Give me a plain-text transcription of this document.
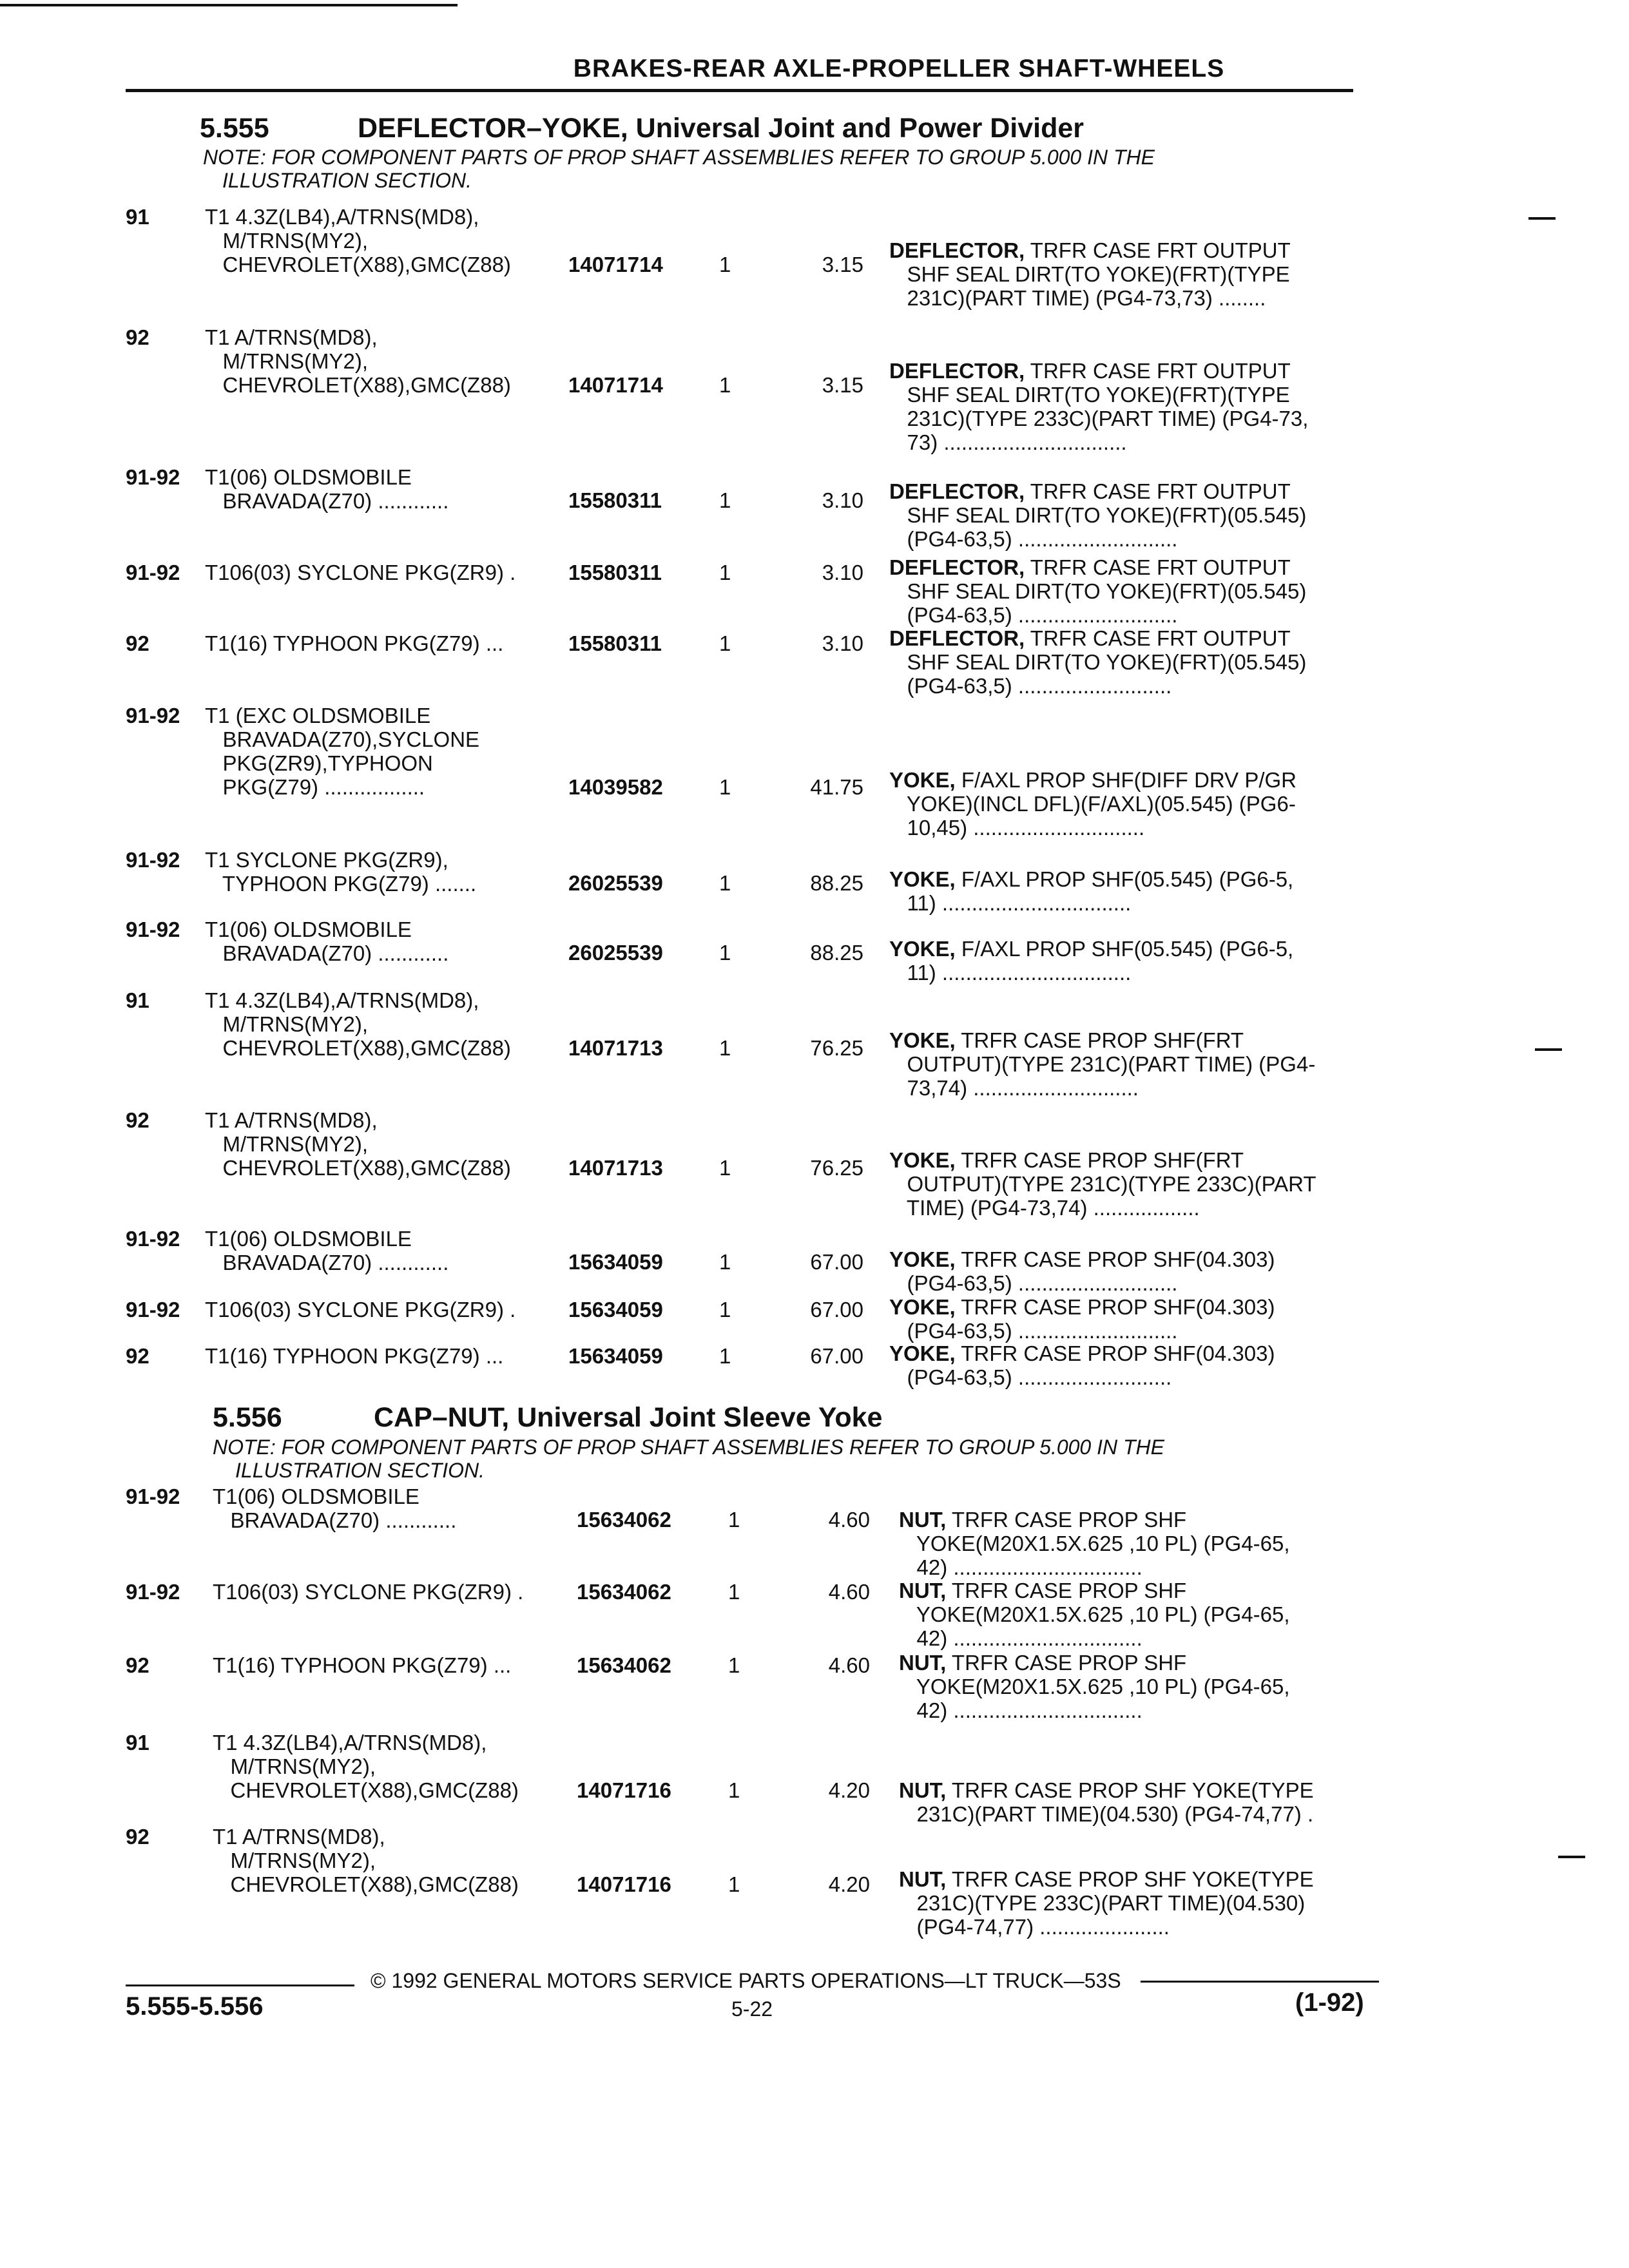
BRAKES-REAR AXLE-PROPELLER SHAFT-WHEELS
5.555	DEFLECTOR–YOKE, Universal Joint and Power Divider
NOTE: FOR COMPONENT PARTS OF PROP SHAFT ASSEMBLIES REFER TO GROUP 5.000 IN THE
ILLUSTRATION SECTION.
91	T1 4.3Z(LB4),A/TRNS(MD8),
M/TRNS(MY2),
CHEVROLET(X88),GMC(Z88)	14071714	1	3.15
DEFLECTOR, TRFR CASE FRT OUTPUT
SHF SEAL DIRT(TO YOKE)(FRT)(TYPE
231C)(PART TIME) (PG4-73,73) ........
92	T1 A/TRNS(MD8),
M/TRNS(MY2),
CHEVROLET(X88),GMC(Z88)	14071714	1	3.15
DEFLECTOR, TRFR CASE FRT OUTPUT
SHF SEAL DIRT(TO YOKE)(FRT)(TYPE
231C)(TYPE 233C)(PART TIME) (PG4-73,
73) ...............................
91-92 T1(06) OLDSMOBILE
BRAVADA(Z70) ............	15580311	1	3.10 DEFLECTOR, TRFR CASE FRT OUTPUT
SHF SEAL DIRT(TO YOKE)(FRT)(05.545)
(PG4-63,5) ...........................
91-92 T106(03) SYCLONE PKG(ZR9) . 15580311	1	3.10 DEFLECTOR, TRFR CASE FRT OUTPUT
SHF SEAL DIRT(TO YOKE)(FRT)(05.545)
(PG4-63,5) ...........................
92	T1(16) TYPHOON PKG(Z79) ...	15580311	1	3.10 DEFLECTOR, TRFR CASE FRT OUTPUT
SHF SEAL DIRT(TO YOKE)(FRT)(05.545)
(PG4-63,5) ..........................
91-92 T1 (EXC OLDSMOBILE
BRAVADA(Z70),SYCLONE
PKG(ZR9),TYPHOON
PKG(Z79) .................	14039582	1	41.75 YOKE, F/AXL PROP SHF(DIFF DRV P/GR
YOKE)(INCL DFL)(F/AXL)(05.545) (PG6-
10,45) .............................
91-92 T1 SYCLONE PKG(ZR9),
TYPHOON PKG(Z79) .......	26025539	1	88.25 YOKE, F/AXL PROP SHF(05.545) (PG6-5,
11) ................................
91-92 T1(06) OLDSMOBILE
BRAVADA(Z70) ............	26025539	1	88.25 YOKE, F/AXL PROP SHF(05.545) (PG6-5,
11) ................................
91	T1 4.3Z(LB4),A/TRNS(MD8),
M/TRNS(MY2),
CHEVROLET(X88),GMC(Z88)	14071713	1	76.25 YOKE, TRFR CASE PROP SHF(FRT
OUTPUT)(TYPE 231C)(PART TIME) (PG4-
73,74) ............................
92	T1 A/TRNS(MD8),
M/TRNS(MY2),
CHEVROLET(X88),GMC(Z88)	14071713	1	76.25 YOKE, TRFR CASE PROP SHF(FRT
OUTPUT)(TYPE 231C)(TYPE 233C)(PART
TIME) (PG4-73,74) ..................
91-92 T1(06) OLDSMOBILE
BRAVADA(Z70) ............	15634059	1	67.00 YOKE, TRFR CASE PROP SHF(04.303)
(PG4-63,5) ...........................
91-92 T106(03) SYCLONE PKG(ZR9) . 15634059	1	67.00 YOKE, TRFR CASE PROP SHF(04.303)
(PG4-63,5) ...........................
92	T1(16) TYPHOON PKG(Z79) ...	15634059	1	67.00 YOKE, TRFR CASE PROP SHF(04.303)
(PG4-63,5) ..........................
5.556	CAP–NUT, Universal Joint Sleeve Yoke
NOTE: FOR COMPONENT PARTS OF PROP SHAFT ASSEMBLIES REFER TO GROUP 5.000 IN THE
ILLUSTRATION SECTION.
91-92 T1(06) OLDSMOBILE
BRAVADA(Z70) ............	15634062	1	4.60 NUT, TRFR CASE PROP SHF
YOKE(M20X1.5X.625 ,10 PL) (PG4-65,
42) ................................
91-92 T106(03) SYCLONE PKG(ZR9) .	15634062	1	4.60 NUT, TRFR CASE PROP SHF
YOKE(M20X1.5X.625 ,10 PL) (PG4-65,
42) ................................
92	T1(16) TYPHOON PKG(Z79) ...	15634062	1	4.60 NUT, TRFR CASE PROP SHF
YOKE(M20X1.5X.625 ,10 PL) (PG4-65,
42) ................................
91	T1 4.3Z(LB4),A/TRNS(MD8),
M/TRNS(MY2),
CHEVROLET(X88),GMC(Z88)	14071716	1	4.20 NUT, TRFR CASE PROP SHF YOKE(TYPE
231C)(PART TIME)(04.530) (PG4-74,77) .
92	T1 A/TRNS(MD8),
M/TRNS(MY2),
CHEVROLET(X88),GMC(Z88)	14071716	1	4.20 NUT, TRFR CASE PROP SHF YOKE(TYPE
231C)(TYPE 233C)(PART TIME)(04.530)
(PG4-74,77) ......................
© 1992 GENERAL MOTORS SERVICE PARTS OPERATIONS—LT TRUCK—53S
5.555-5.556	5-22	(1-92)
